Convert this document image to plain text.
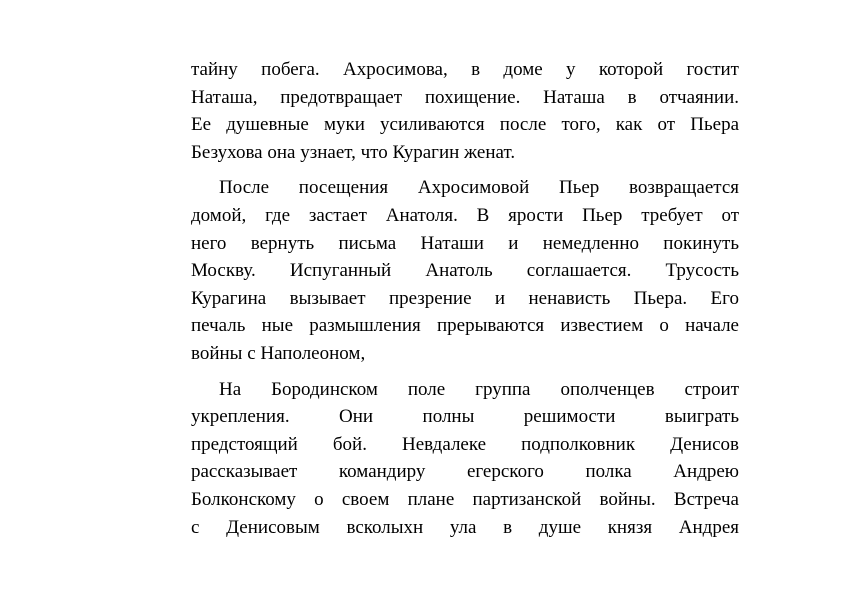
тайну побега. Ахросимова, в доме у которой гостит
Наташа, предотвращает похищение. Наташа в отчаянии.
Ее душевные муки усиливаются после того, как от Пьера
Безухова она узнает, что Курагин женат.
После посещения Ахросимовой Пьер возвращается
домой, где застает Анатоля. В ярости Пьер требует от
него вернуть письма Наташи и немедленно покинуть
Москву. Испуганный Анатоль соглашается. Трусость
Курагина вызывает презрение и ненависть Пьера. Его
печаль ные размышления прерываются известием о начале
войны с Наполеоном,
На Бородинском поле группа ополченцев строит
укрепления. Они полны решимости выиграть
предстоящий бой. Невдалеке подполковник Денисов
рассказывает командиру егерского полка Андрею
Болконскому о своем плане партизанской войны. Встреча
с Денисовым всколыхн ула в душе князя Андрея
